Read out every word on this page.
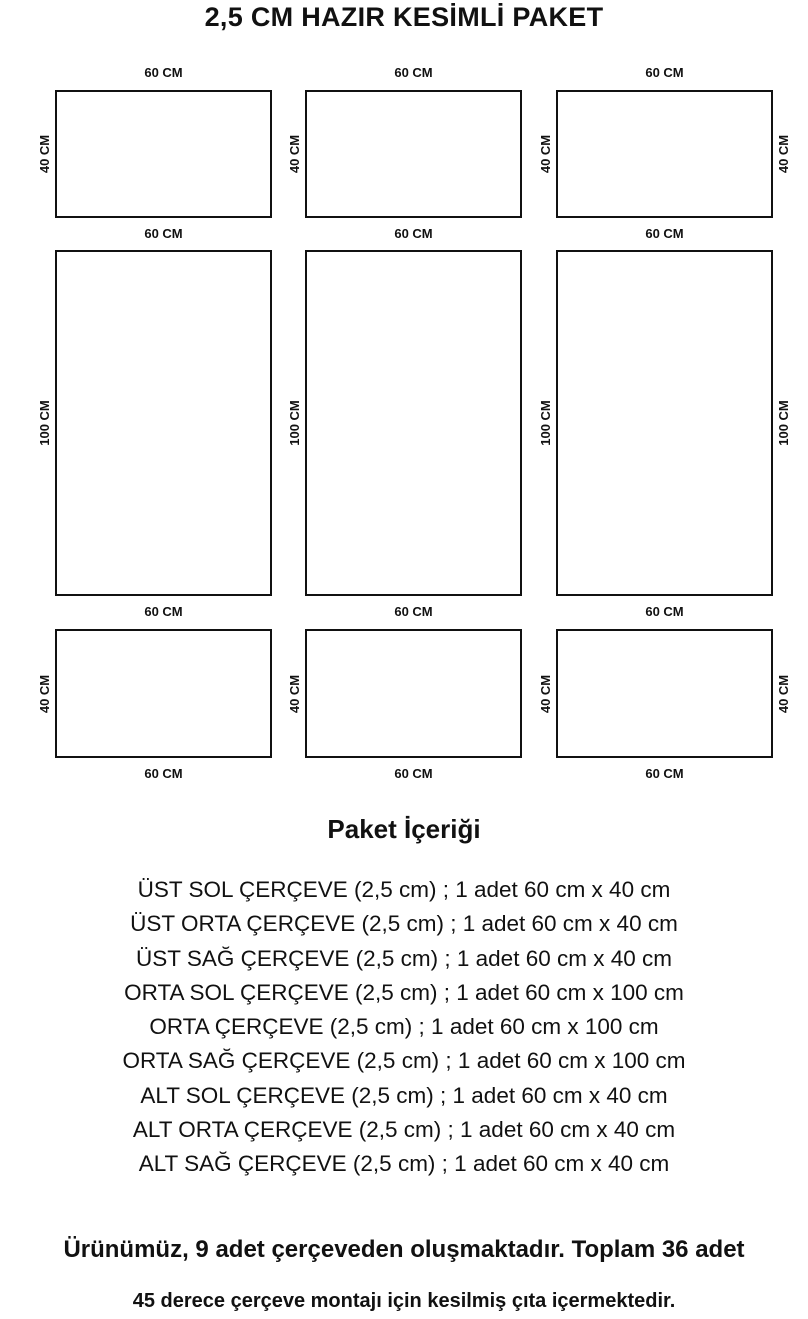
2,5 CM HAZIR KESİMLİ PAKET
60 CM
60 CM
40 CM
60 CM
60 CM
40 CM
60 CM
60 CM
40 CM	40 CM
60 CM
100 CM
60 CM
100 CM
60 CM
100 CM	100 CM
60 CM
40 CM
60 CM
40 CM
60 CM
40 CM	40 CM
Paket İçeriği
ÜST SOL ÇERÇEVE (2,5 cm) ; 1 adet 60 cm x 40 cm
ÜST ORTA ÇERÇEVE (2,5 cm) ; 1 adet 60 cm x 40 cm
ÜST SAĞ ÇERÇEVE (2,5 cm) ; 1 adet 60 cm x 40 cm
ORTA SOL ÇERÇEVE (2,5 cm) ; 1 adet 60 cm x 100 cm
ORTA ÇERÇEVE (2,5 cm) ; 1 adet 60 cm x 100 cm
ORTA SAĞ ÇERÇEVE (2,5 cm) ; 1 adet 60 cm x 100 cm
ALT SOL ÇERÇEVE (2,5 cm) ; 1 adet 60 cm x 40 cm
ALT ORTA ÇERÇEVE (2,5 cm) ; 1 adet 60 cm x 40 cm
ALT SAĞ ÇERÇEVE (2,5 cm) ; 1 adet 60 cm x 40 cm
Ürünümüz, 9 adet çerçeveden oluşmaktadır. Toplam 36 adet
45 derece çerçeve montajı için kesilmiş çıta içermektedir.
